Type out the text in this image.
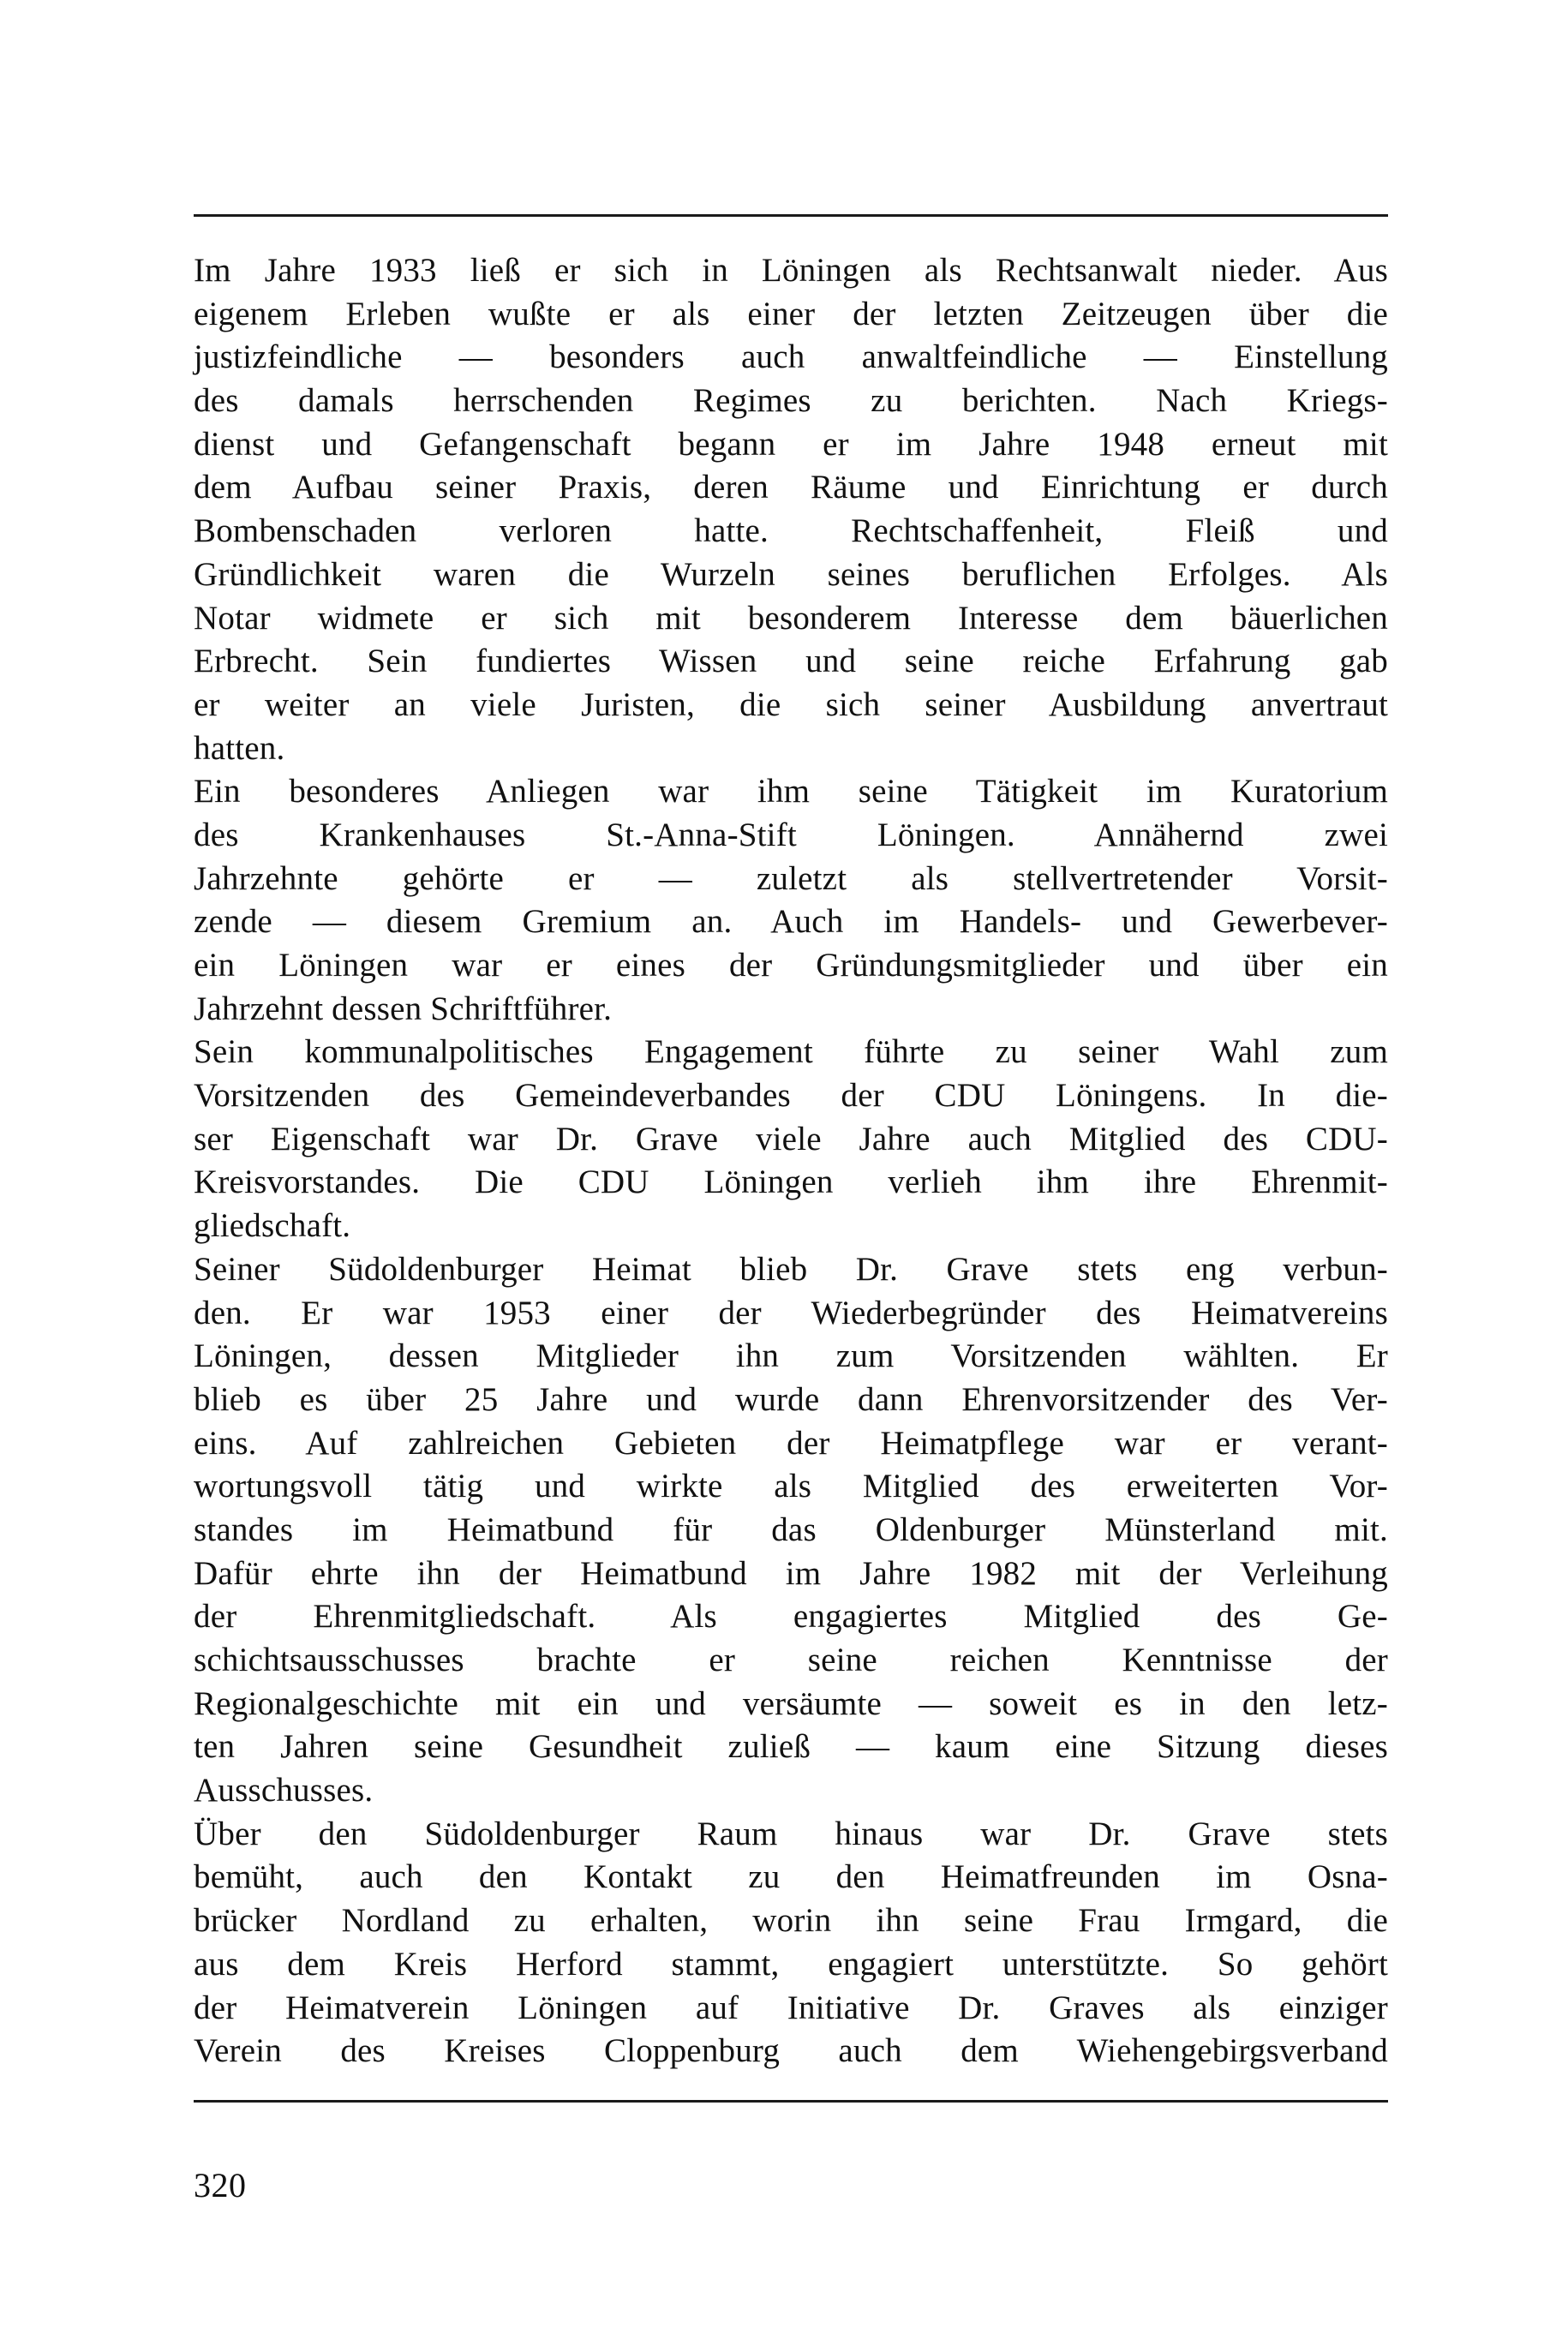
Im Jahre 1933 ließ er sich in Löningen als Rechtsanwalt nieder. Aus
eigenem Erleben wußte er als einer der letzten Zeitzeugen über die
justizfeindliche — besonders auch anwaltfeindliche — Einstellung
des damals herrschenden Regimes zu berichten. Nach Kriegs-
dienst und Gefangenschaft begann er im Jahre 1948 erneut mit
dem Aufbau seiner Praxis, deren Räume und Einrichtung er durch
Bombenschaden verloren hatte. Rechtschaffenheit, Fleiß und
Gründlichkeit waren die Wurzeln seines beruflichen Erfolges. Als
Notar widmete er sich mit besonderem Interesse dem bäuerlichen
Erbrecht. Sein fundiertes Wissen und seine reiche Erfahrung gab
er weiter an viele Juristen, die sich seiner Ausbildung anvertraut
hatten.
Ein besonderes Anliegen war ihm seine Tätigkeit im Kuratorium
des Krankenhauses St.-Anna-Stift Löningen. Annähernd zwei
Jahrzehnte gehörte er — zuletzt als stellvertretender Vorsit-
zende — diesem Gremium an. Auch im Handels- und Gewerbever-
ein Löningen war er eines der Gründungsmitglieder und über ein
Jahrzehnt dessen Schriftführer.
Sein kommunalpolitisches Engagement führte zu seiner Wahl zum
Vorsitzenden des Gemeindeverbandes der CDU Löningens. In die-
ser Eigenschaft war Dr. Grave viele Jahre auch Mitglied des CDU-
Kreisvorstandes. Die CDU Löningen verlieh ihm ihre Ehrenmit-
gliedschaft.
Seiner Südoldenburger Heimat blieb Dr. Grave stets eng verbun-
den. Er war 1953 einer der Wiederbegründer des Heimatvereins
Löningen, dessen Mitglieder ihn zum Vorsitzenden wählten. Er
blieb es über 25 Jahre und wurde dann Ehrenvorsitzender des Ver-
eins. Auf zahlreichen Gebieten der Heimatpflege war er verant-
wortungsvoll tätig und wirkte als Mitglied des erweiterten Vor-
standes im Heimatbund für das Oldenburger Münsterland mit.
Dafür ehrte ihn der Heimatbund im Jahre 1982 mit der Verleihung
der Ehrenmitgliedschaft. Als engagiertes Mitglied des Ge-
schichtsausschusses brachte er seine reichen Kenntnisse der
Regionalgeschichte mit ein und versäumte — soweit es in den letz-
ten Jahren seine Gesundheit zuließ — kaum eine Sitzung dieses
Ausschusses.
Über den Südoldenburger Raum hinaus war Dr. Grave stets
bemüht, auch den Kontakt zu den Heimatfreunden im Osna-
brücker Nordland zu erhalten, worin ihn seine Frau Irmgard, die
aus dem Kreis Herford stammt, engagiert unterstützte. So gehört
der Heimatverein Löningen auf Initiative Dr. Graves als einziger
Verein des Kreises Cloppenburg auch dem Wiehengebirgsverband
320
